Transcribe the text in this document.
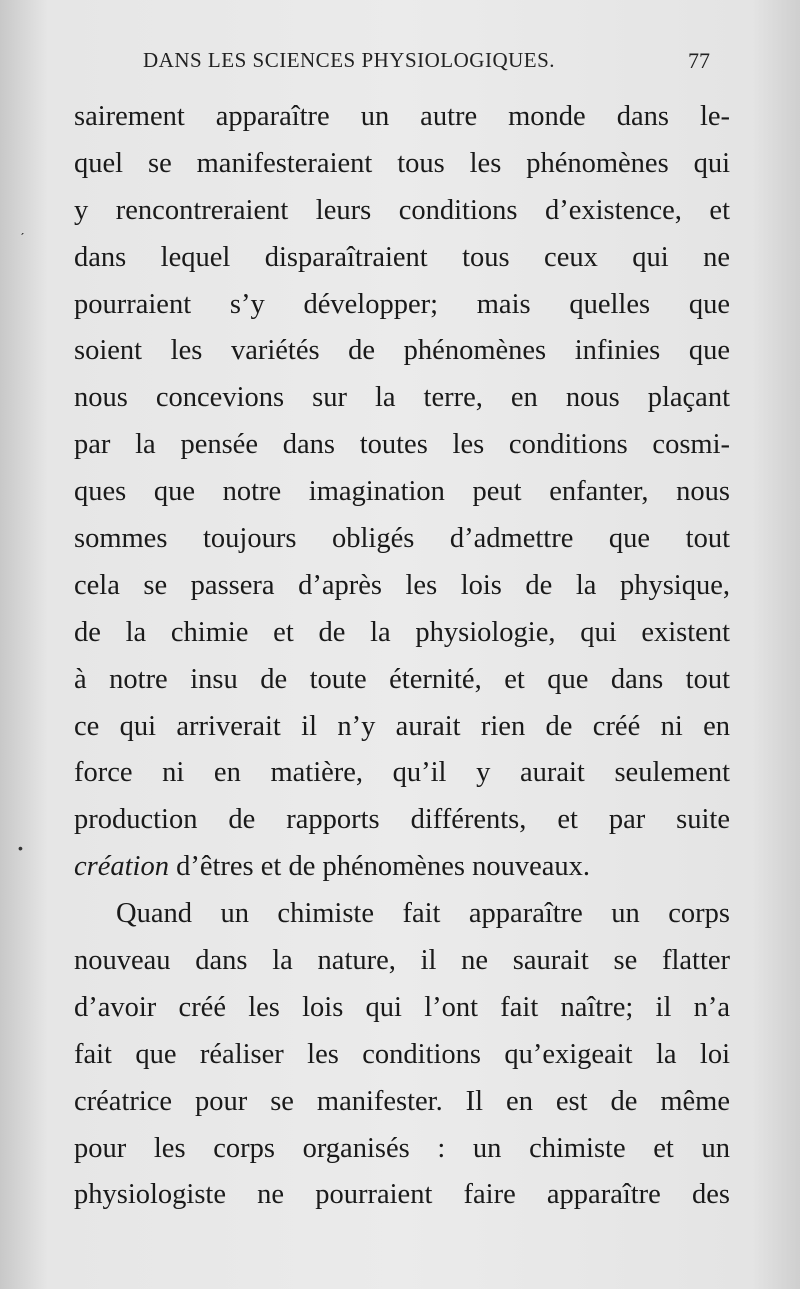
DANS LES SCIENCES PHYSIOLOGIQUES.	77
sairement apparaître un autre monde dans le-
quel se manifesteraient tous les phénomènes qui
y rencontreraient leurs conditions d’existence, et
dans lequel disparaîtraient tous ceux qui ne
pourraient s’y développer; mais quelles que
soient les variétés de phénomènes infinies que
nous concevions sur la terre, en nous plaçant
par la pensée dans toutes les conditions cosmi-
ques que notre imagination peut enfanter, nous
sommes toujours obligés d’admettre que tout
cela se passera d’après les lois de la physique,
de la chimie et de la physiologie, qui existent
à notre insu de toute éternité, et que dans tout
ce qui arriverait il n’y aurait rien de créé ni en
force ni en matière, qu’il y aurait seulement
production de rapports différents, et par suite
création d’êtres et de phénomènes nouveaux.
Quand un chimiste fait apparaître un corps
nouveau dans la nature, il ne saurait se flatter
d’avoir créé les lois qui l’ont fait naître; il n’a
fait que réaliser les conditions qu’exigeait la loi
créatrice pour se manifester. Il en est de même
pour les corps organisés : un chimiste et un
physiologiste ne pourraient faire apparaître des
ˊ
•
